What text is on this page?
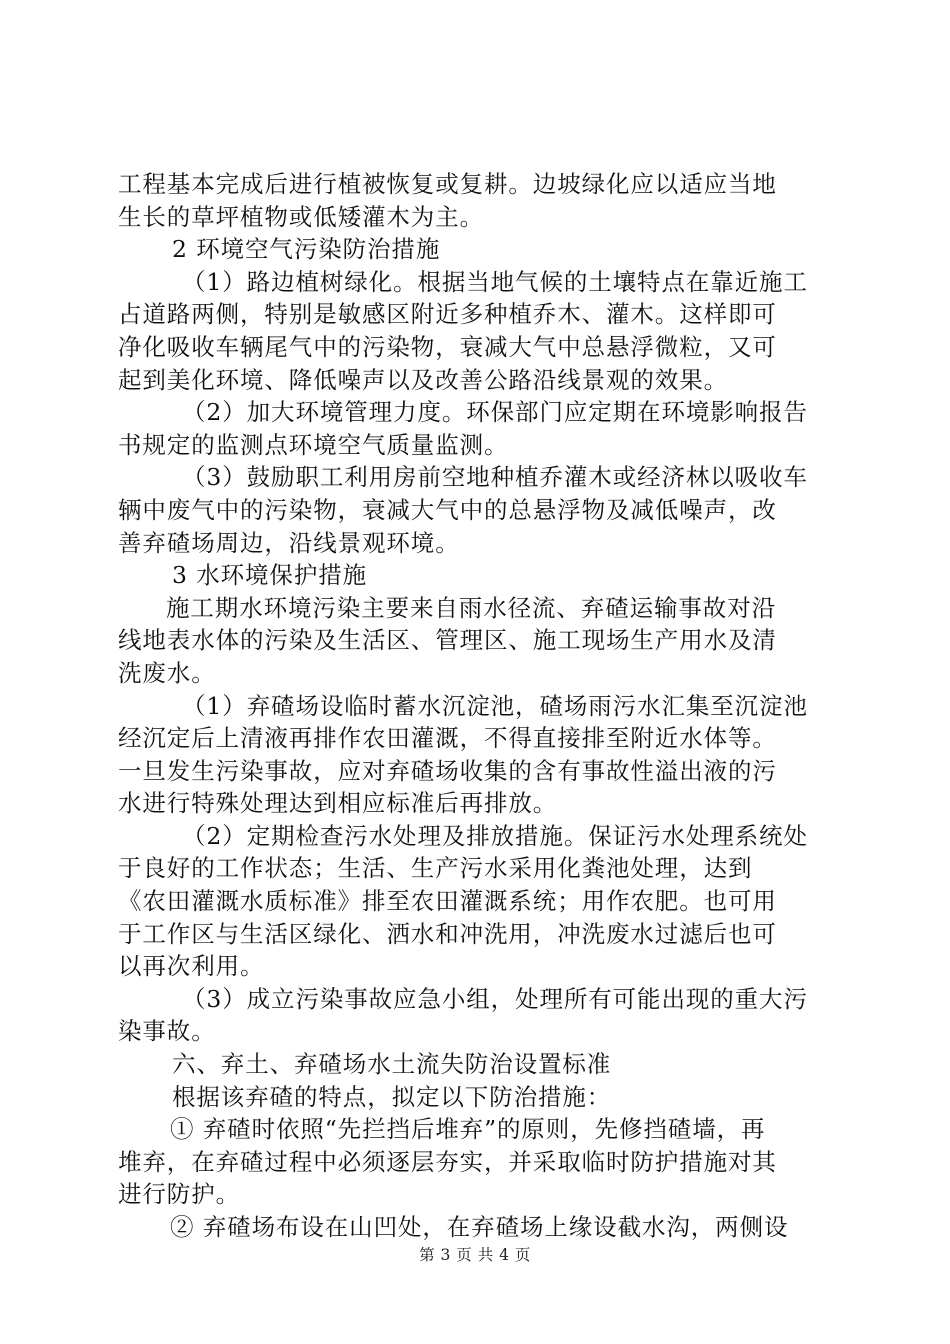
工程基本完成后进行植被恢复或复耕。边坡绿化应以适应当地
生长的草坪植物或低矮灌木为主。
2 环境空气污染防治措施
（1）路边植树绿化。根据当地气候的土壤特点在靠近施工
占道路两侧，特别是敏感区附近多种植乔木、灌木。这样即可
净化吸收车辆尾气中的污染物，衰减大气中总悬浮微粒，又可
起到美化环境、降低噪声以及改善公路沿线景观的效果。
（2）加大环境管理力度。环保部门应定期在环境影响报告
书规定的监测点环境空气质量监测。
（3）鼓励职工利用房前空地种植乔灌木或经济林以吸收车
辆中废气中的污染物，衰减大气中的总悬浮物及减低噪声，改
善弃碴场周边，沿线景观环境。
3 水环境保护措施
施工期水环境污染主要来自雨水径流、弃碴运输事故对沿
线地表水体的污染及生活区、管理区、施工现场生产用水及清
洗废水。
（1）弃碴场设临时蓄水沉淀池，碴场雨污水汇集至沉淀池
经沉定后上清液再排作农田灌溉，不得直接排至附近水体等。
一旦发生污染事故，应对弃碴场收集的含有事故性溢出液的污
水进行特殊处理达到相应标准后再排放。
（2）定期检查污水处理及排放措施。保证污水处理系统处
于良好的工作状态；生活、生产污水采用化粪池处理，达到
《农田灌溉水质标准》排至农田灌溉系统；用作农肥。也可用
于工作区与生活区绿化、洒水和冲洗用，冲洗废水过滤后也可
以再次利用。
（3）成立污染事故应急小组，处理所有可能出现的重大污
染事故。
六、弃土、弃碴场水土流失防治设置标准
根据该弃碴的特点，拟定以下防治措施：
① 弃碴时依照“先拦挡后堆弃”的原则，先修挡碴墙，再
堆弃，在弃碴过程中必须逐层夯实，并采取临时防护措施对其
进行防护。
② 弃碴场布设在山凹处，在弃碴场上缘设截水沟，两侧设
第 3 页 共 4 页
